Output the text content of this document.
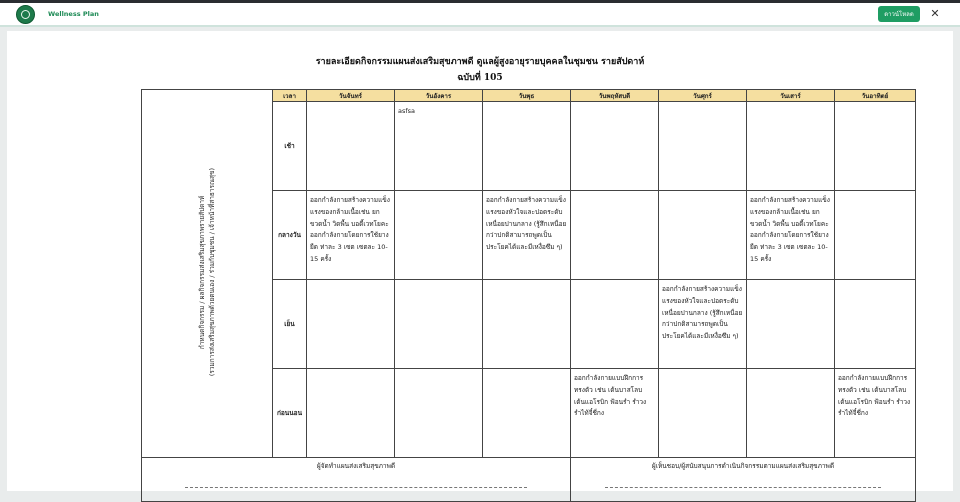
Wellness Plan	ดาวน์โหลด	✕
รายละเอียดกิจกรรมแผนส่งเสริมสุขภาพดี ดูแลผู้สูงอายุรายบุคคลในชุมชน รายสัปดาห์
ฉบับที่ 105
กำหนดกิจกรรม / ผลกิจกรรมส่งเสริมสุขภาพรายสัปดาห์ (รวมการส่งเสริมสุขภาพด้วยตนเอง / ร่วมกับชุมชน / เจ้าหน้าที่สาธารณสุข)	เวลา	วันจันทร์	วันอังคาร	วันพุธ	วันพฤหัสบดี	วันศุกร์	วันเสาร์	วันอาทิตย์
	เช้า		asfsa					
	กลางวัน	ออกกำลังกายสร้างความแข็งแรงของกล้ามเนื้อเช่น ยกขวดน้ำ วิดพื้น บอดี้เวทโยคะ ออกกำลังกายโดยการใช้ยางยืด ท่าละ 3 เซต เซตละ 10-15 ครั้ง		ออกกำลังกายสร้างความแข็งแรงของหัวใจและปอดระดับเหนื่อยปานกลาง (รู้สึกเหนื่อยกว่าปกติสามารถพูดเป็นประโยคได้และมีเหงื่อซึม ๆ)			ออกกำลังกายสร้างความแข็งแรงของกล้ามเนื้อเช่น ยกขวดน้ำ วิดพื้น บอดี้เวทโยคะ ออกกำลังกายโดยการใช้ยางยืด ท่าละ 3 เซต เซตละ 10-15 ครั้ง	
	เย็น					ออกกำลังกายสร้างความแข็งแรงของหัวใจและปอดระดับเหนื่อยปานกลาง (รู้สึกเหนื่อยกว่าปกติสามารถพูดเป็นประโยคได้และมีเหงื่อซึม ๆ)		
	ก่อนนอน				ออกกำลังกายแบบฝึกการทรงตัว เช่น เต้นบาสโลบ เต้นแอโรบิก ฟ้อนรำ รำวง รำไท้จี๋ชี่กง			ออกกำลังกายแบบฝึกการทรงตัว เช่น เต้นบาสโลบ เต้นแอโรบิก ฟ้อนรำ รำวง รำไท้จี๋ชี่กง
ผู้จัดทำแผนส่งเสริมสุขภาพดี					ผู้เห็นชอบ/ผู้สนับสนุนการดำเนินกิจกรรมตามแผนส่งเสริมสุขภาพดี			
